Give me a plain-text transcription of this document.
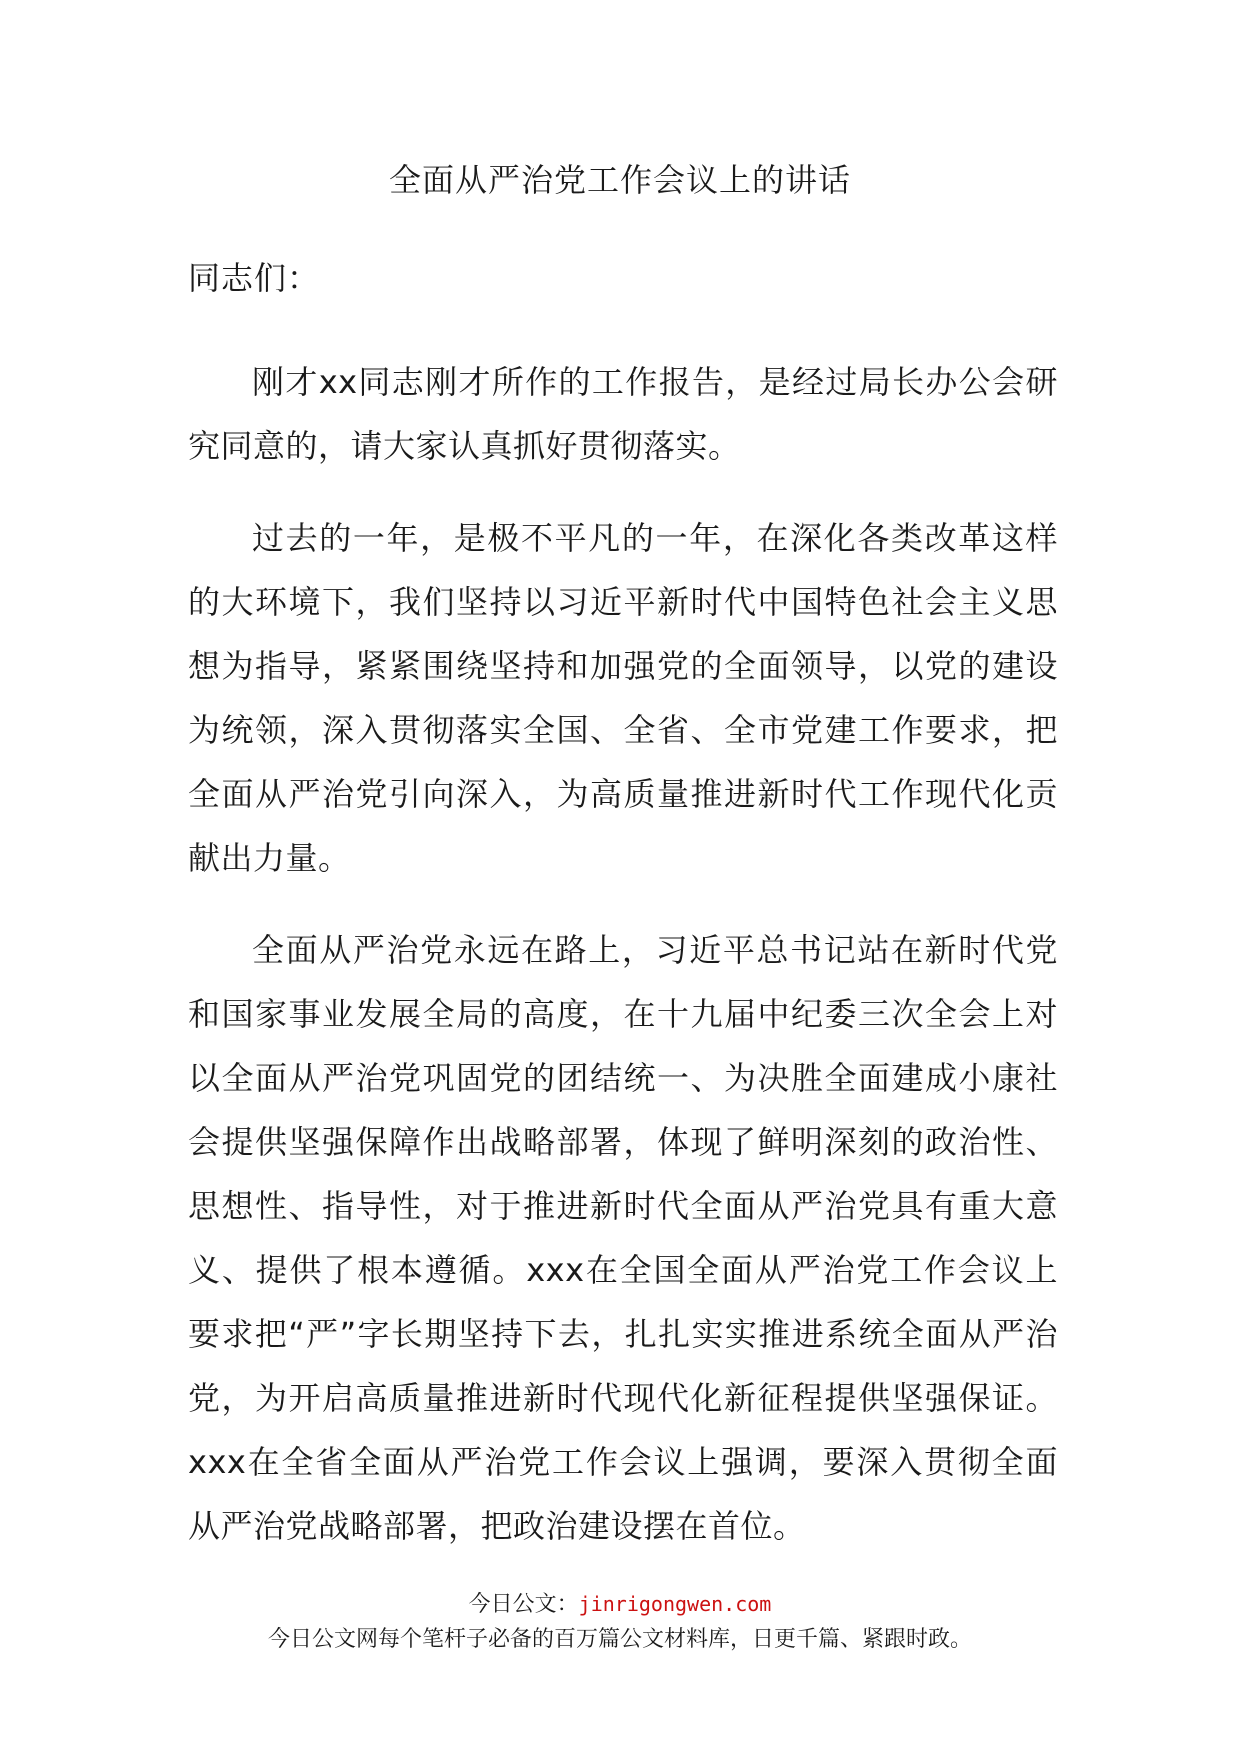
全面从严治党工作会议上的讲话
同志们：

刚才xx同志刚才所作的工作报告，是经过局长办公会研究同意的，请大家认真抓好贯彻落实。

过去的一年，是极不平凡的一年，在深化各类改革这样的大环境下，我们坚持以习近平新时代中国特色社会主义思想为指导，紧紧围绕坚持和加强党的全面领导，以党的建设为统领，深入贯彻落实全国、全省、全市党建工作要求，把全面从严治党引向深入，为高质量推进新时代工作现代化贡献出力量。

全面从严治党永远在路上，习近平总书记站在新时代党和国家事业发展全局的高度，在十九届中纪委三次全会上对以全面从严治党巩固党的团结统一、为决胜全面建成小康社会提供坚强保障作出战略部署，体现了鲜明深刻的政治性、思想性、指导性，对于推进新时代全面从严治党具有重大意义、提供了根本遵循。xxx在全国全面从严治党工作会议上要求把“严”字长期坚持下去，扎扎实实推进系统全面从严治党，为开启高质量推进新时代现代化新征程提供坚强保证。xxx在全省全面从严治党工作会议上强调，要深入贯彻全面从严治党战略部署，把政治建设摆在首位。

今日公文：jinrigongwen.com
今日公文网每个笔杆子必备的百万篇公文材料库，日更千篇、紧跟时政。
